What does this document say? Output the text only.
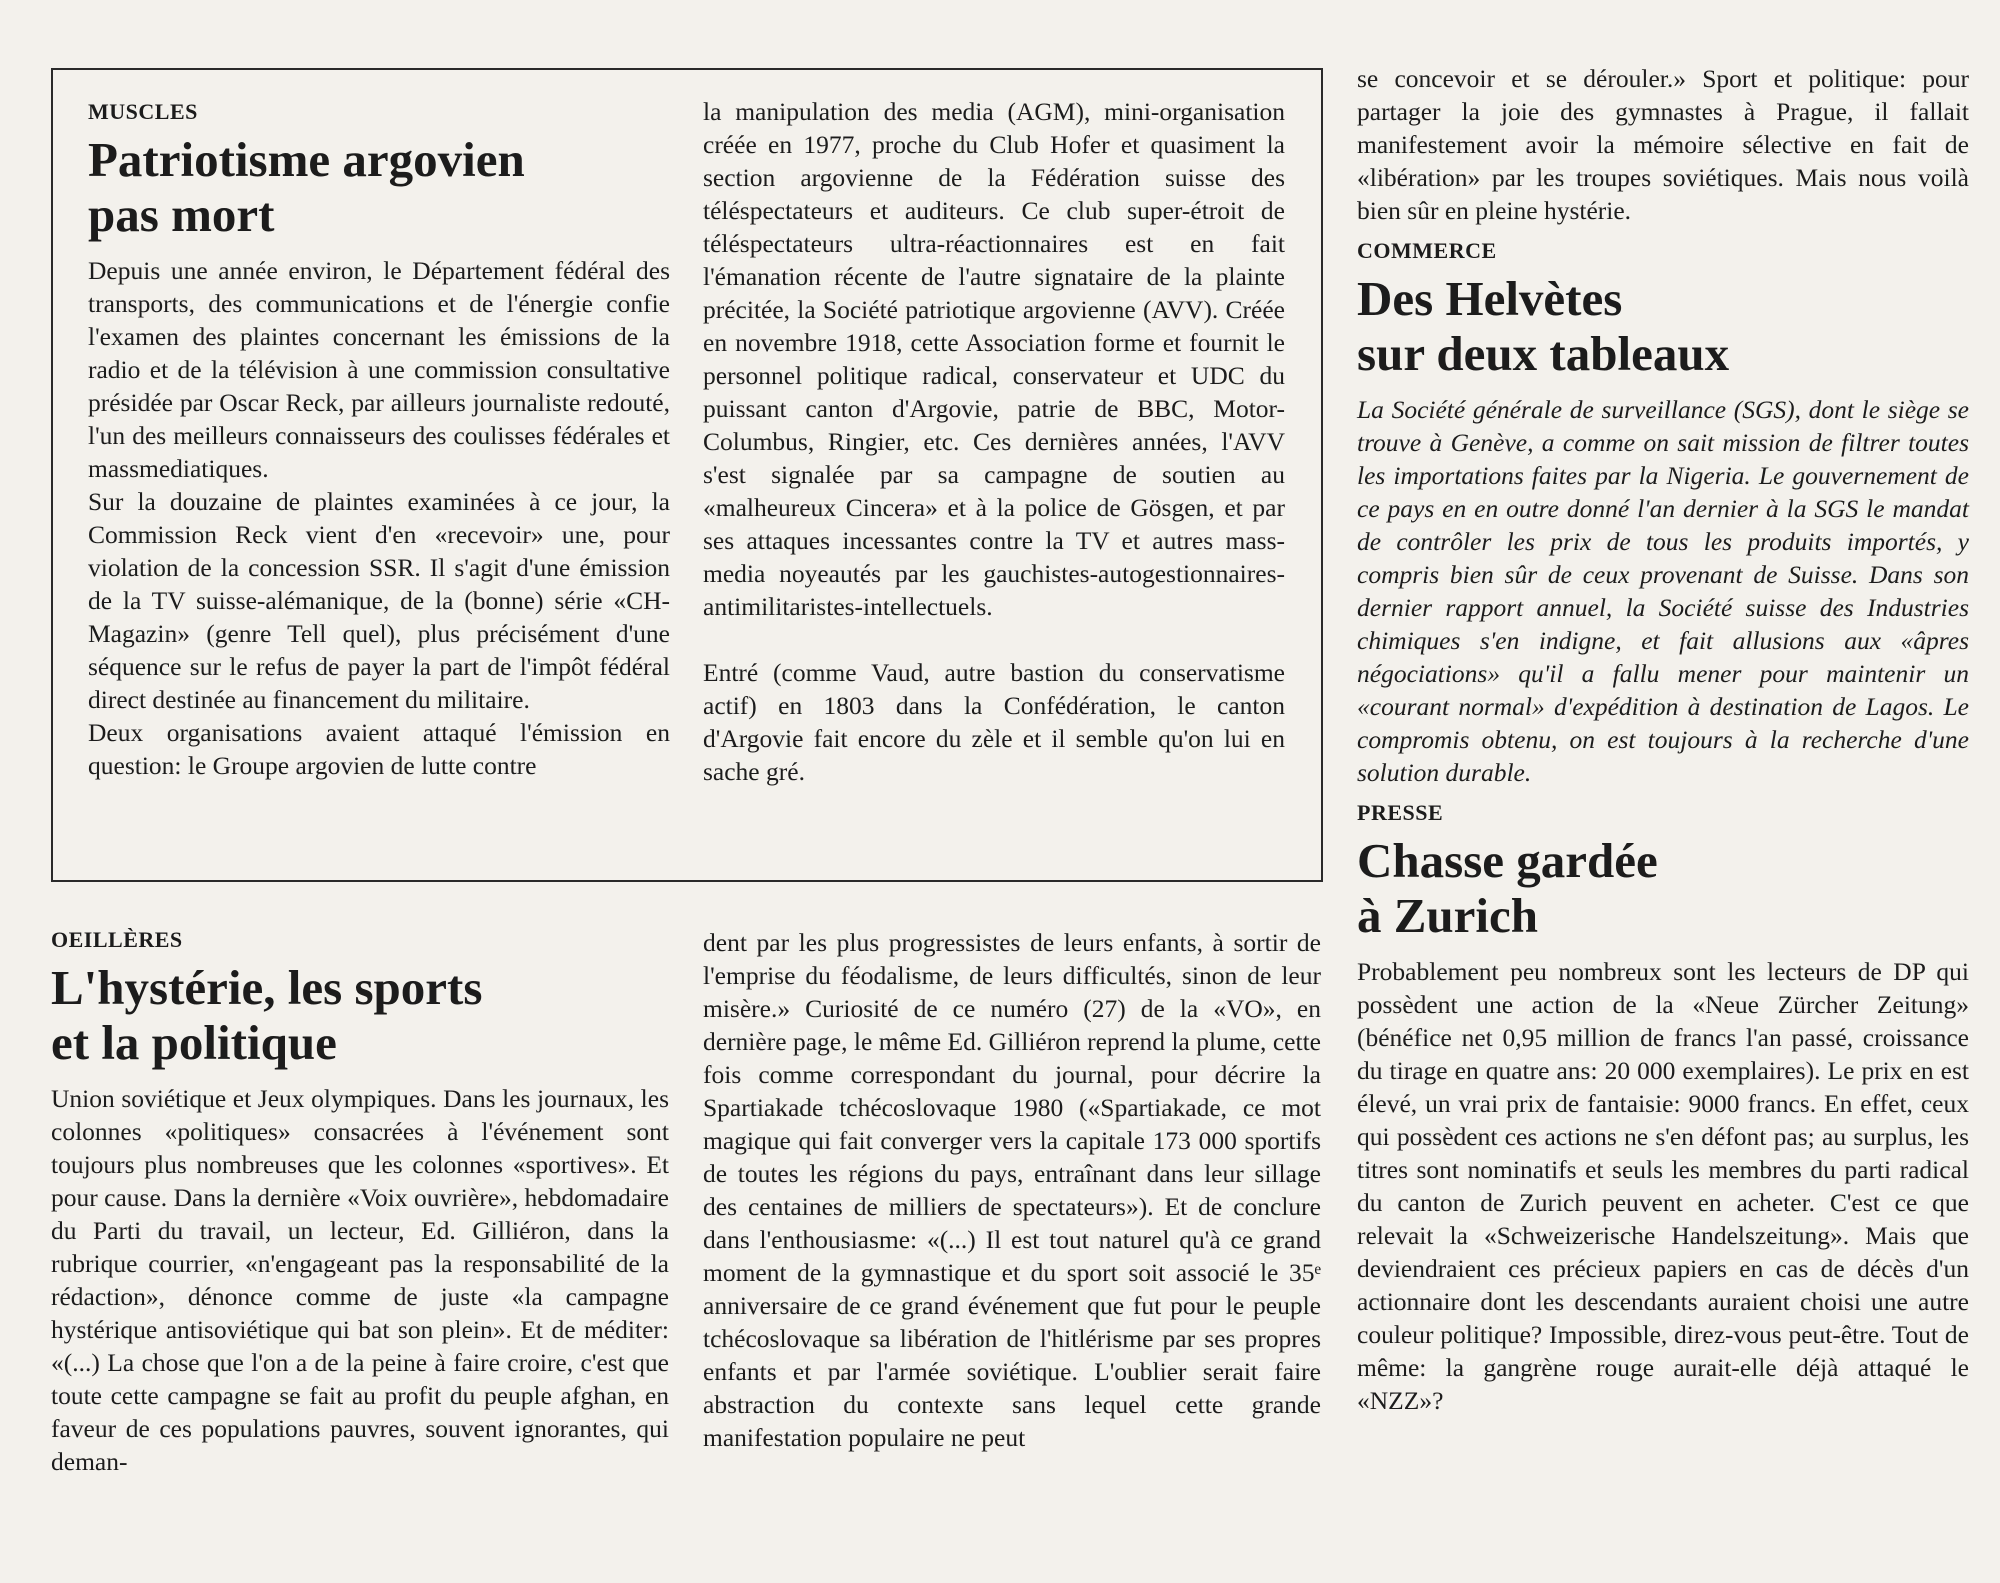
MUSCLES
Patriotisme argovien
pas mort

Depuis une année environ, le Département fédéral des transports, des communications et de l'énergie confie l'examen des plaintes concernant les émissions de la radio et de la télévision à une commission consultative présidée par Oscar Reck, par ailleurs journaliste redouté, l'un des meilleurs connaisseurs des coulisses fédérales et massmediatiques.

Sur la douzaine de plaintes examinées à ce jour, la Commission Reck vient d'en «recevoir» une, pour violation de la concession SSR. Il s'agit d'une émission de la TV suisse-alémanique, de la (bonne) série «CH-Magazin» (genre Tell quel), plus précisément d'une séquence sur le refus de payer la part de l'impôt fédéral direct destinée au financement du militaire.

Deux organisations avaient attaqué l'émission en question: le Groupe argovien de lutte contre

la manipulation des media (AGM), mini-organisation créée en 1977, proche du Club Hofer et quasiment la section argovienne de la Fédération suisse des téléspectateurs et auditeurs. Ce club super-étroit de téléspectateurs ultra-réactionnaires est en fait l'émanation récente de l'autre signataire de la plainte précitée, la Société patriotique argovienne (AVV). Créée en novembre 1918, cette Association forme et fournit le personnel politique radical, conservateur et UDC du puissant canton d'Argovie, patrie de BBC, Motor-Columbus, Ringier, etc. Ces dernières années, l'AVV s'est signalée par sa campagne de soutien au «malheureux Cincera» et à la police de Gösgen, et par ses attaques incessantes contre la TV et autres mass-media noyeautés par les gauchistes-autogestionnaires-antimilitaristes-intellectuels.

Entré (comme Vaud, autre bastion du conservatisme actif) en 1803 dans la Confédération, le canton d'Argovie fait encore du zèle et il semble qu'on lui en sache gré.

OEILLÈRES
L'hystérie, les sports
et la politique

Union soviétique et Jeux olympiques. Dans les journaux, les colonnes «politiques» consacrées à l'événement sont toujours plus nombreuses que les colonnes «sportives». Et pour cause. Dans la dernière «Voix ouvrière», hebdomadaire du Parti du travail, un lecteur, Ed. Gilliéron, dans la rubrique courrier, «n'engageant pas la responsabilité de la rédaction», dénonce comme de juste «la campagne hystérique antisoviétique qui bat son plein». Et de méditer: «(...) La chose que l'on a de la peine à faire croire, c'est que toute cette campagne se fait au profit du peuple afghan, en faveur de ces populations pauvres, souvent ignorantes, qui deman-

dent par les plus progressistes de leurs enfants, à sortir de l'emprise du féodalisme, de leurs difficultés, sinon de leur misère.» Curiosité de ce numéro (27) de la «VO», en dernière page, le même Ed. Gilliéron reprend la plume, cette fois comme correspondant du journal, pour décrire la Spartiakade tchécoslovaque 1980 («Spartiakade, ce mot magique qui fait converger vers la capitale 173 000 sportifs de toutes les régions du pays, entraînant dans leur sillage des centaines de milliers de spectateurs»). Et de conclure dans l'enthousiasme: «(...) Il est tout naturel qu'à ce grand moment de la gymnastique et du sport soit associé le 35ᵉ anniversaire de ce grand événement que fut pour le peuple tchécoslovaque sa libération de l'hitlérisme par ses propres enfants et par l'armée soviétique. L'oublier serait faire abstraction du contexte sans lequel cette grande manifestation populaire ne peut

se concevoir et se dérouler.» Sport et politique: pour partager la joie des gymnastes à Prague, il fallait manifestement avoir la mémoire sélective en fait de «libération» par les troupes soviétiques. Mais nous voilà bien sûr en pleine hystérie.

COMMERCE
Des Helvètes
sur deux tableaux

La Société générale de surveillance (SGS), dont le siège se trouve à Genève, a comme on sait mission de filtrer toutes les importations faites par la Nigeria. Le gouvernement de ce pays en en outre donné l'an dernier à la SGS le mandat de contrôler les prix de tous les produits importés, y compris bien sûr de ceux provenant de Suisse. Dans son dernier rapport annuel, la Société suisse des Industries chimiques s'en indigne, et fait allusions aux «âpres négociations» qu'il a fallu mener pour maintenir un «courant normal» d'expédition à destination de Lagos. Le compromis obtenu, on est toujours à la recherche d'une solution durable.

PRESSE
Chasse gardée
à Zurich

Probablement peu nombreux sont les lecteurs de DP qui possèdent une action de la «Neue Zürcher Zeitung» (bénéfice net 0,95 million de francs l'an passé, croissance du tirage en quatre ans: 20 000 exemplaires). Le prix en est élevé, un vrai prix de fantaisie: 9000 francs. En effet, ceux qui possèdent ces actions ne s'en défont pas; au surplus, les titres sont nominatifs et seuls les membres du parti radical du canton de Zurich peuvent en acheter. C'est ce que relevait la «Schweizerische Handelszeitung». Mais que deviendraient ces précieux papiers en cas de décès d'un actionnaire dont les descendants auraient choisi une autre couleur politique? Impossible, direz-vous peut-être. Tout de même: la gangrène rouge aurait-elle déjà attaqué le «NZZ»?
